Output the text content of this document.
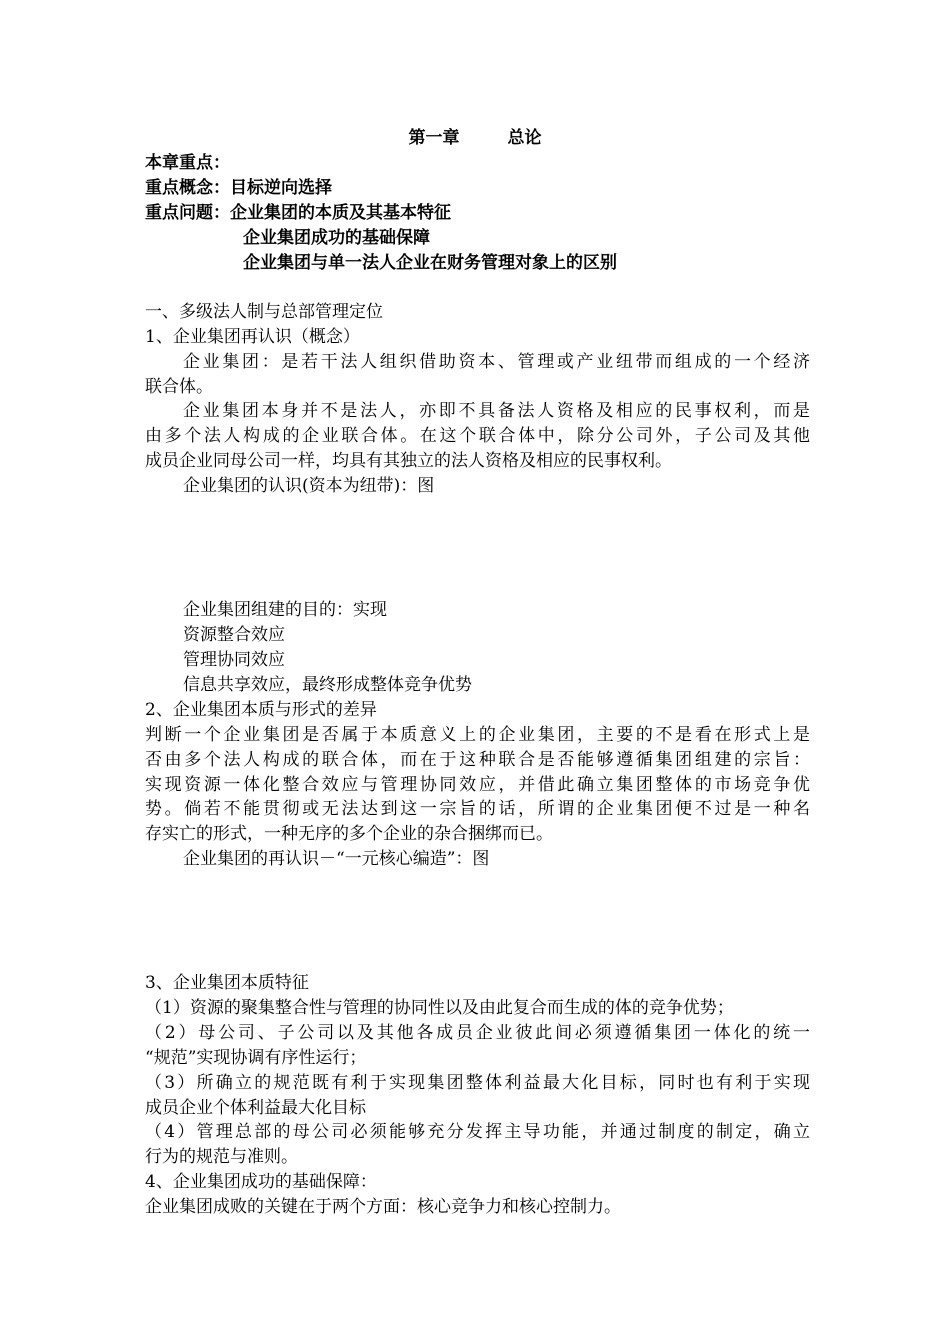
第一章	总论
本章重点：
重点概念：目标逆向选择
重点问题：企业集团的本质及其基本特征
企业集团成功的基础保障
企业集团与单一法人企业在财务管理对象上的区别
一、多级法人制与总部管理定位
1、企业集团再认识（概念）
企业集团：是若干法人组织借助资本、管理或产业纽带而组成的一个经济
联合体。
企业集团本身并不是法人，亦即不具备法人资格及相应的民事权利，而是
由多个法人构成的企业联合体。在这个联合体中，除分公司外，子公司及其他
成员企业同母公司一样，均具有其独立的法人资格及相应的民事权利。
企业集团的认识(资本为纽带)：图
企业集团组建的目的：实现
资源整合效应
管理协同效应
信息共享效应，最终形成整体竞争优势
2、企业集团本质与形式的差异
判断一个企业集团是否属于本质意义上的企业集团，主要的不是看在形式上是
否由多个法人构成的联合体，而在于这种联合是否能够遵循集团组建的宗旨：
实现资源一体化整合效应与管理协同效应，并借此确立集团整体的市场竞争优
势。倘若不能贯彻或无法达到这一宗旨的话，所谓的企业集团便不过是一种名
存实亡的形式，一种无序的多个企业的杂合捆绑而已。
企业集团的再认识－“一元核心编造”：图
3、企业集团本质特征
（1）资源的聚集整合性与管理的协同性以及由此复合而生成的体的竞争优势；
（2）母公司、子公司以及其他各成员企业彼此间必须遵循集团一体化的统一
“规范”实现协调有序性运行；
（3）所确立的规范既有利于实现集团整体利益最大化目标，同时也有利于实现
成员企业个体利益最大化目标
（4）管理总部的母公司必须能够充分发挥主导功能，并通过制度的制定，确立
行为的规范与准则。
4、企业集团成功的基础保障：
企业集团成败的关键在于两个方面：核心竞争力和核心控制力。
